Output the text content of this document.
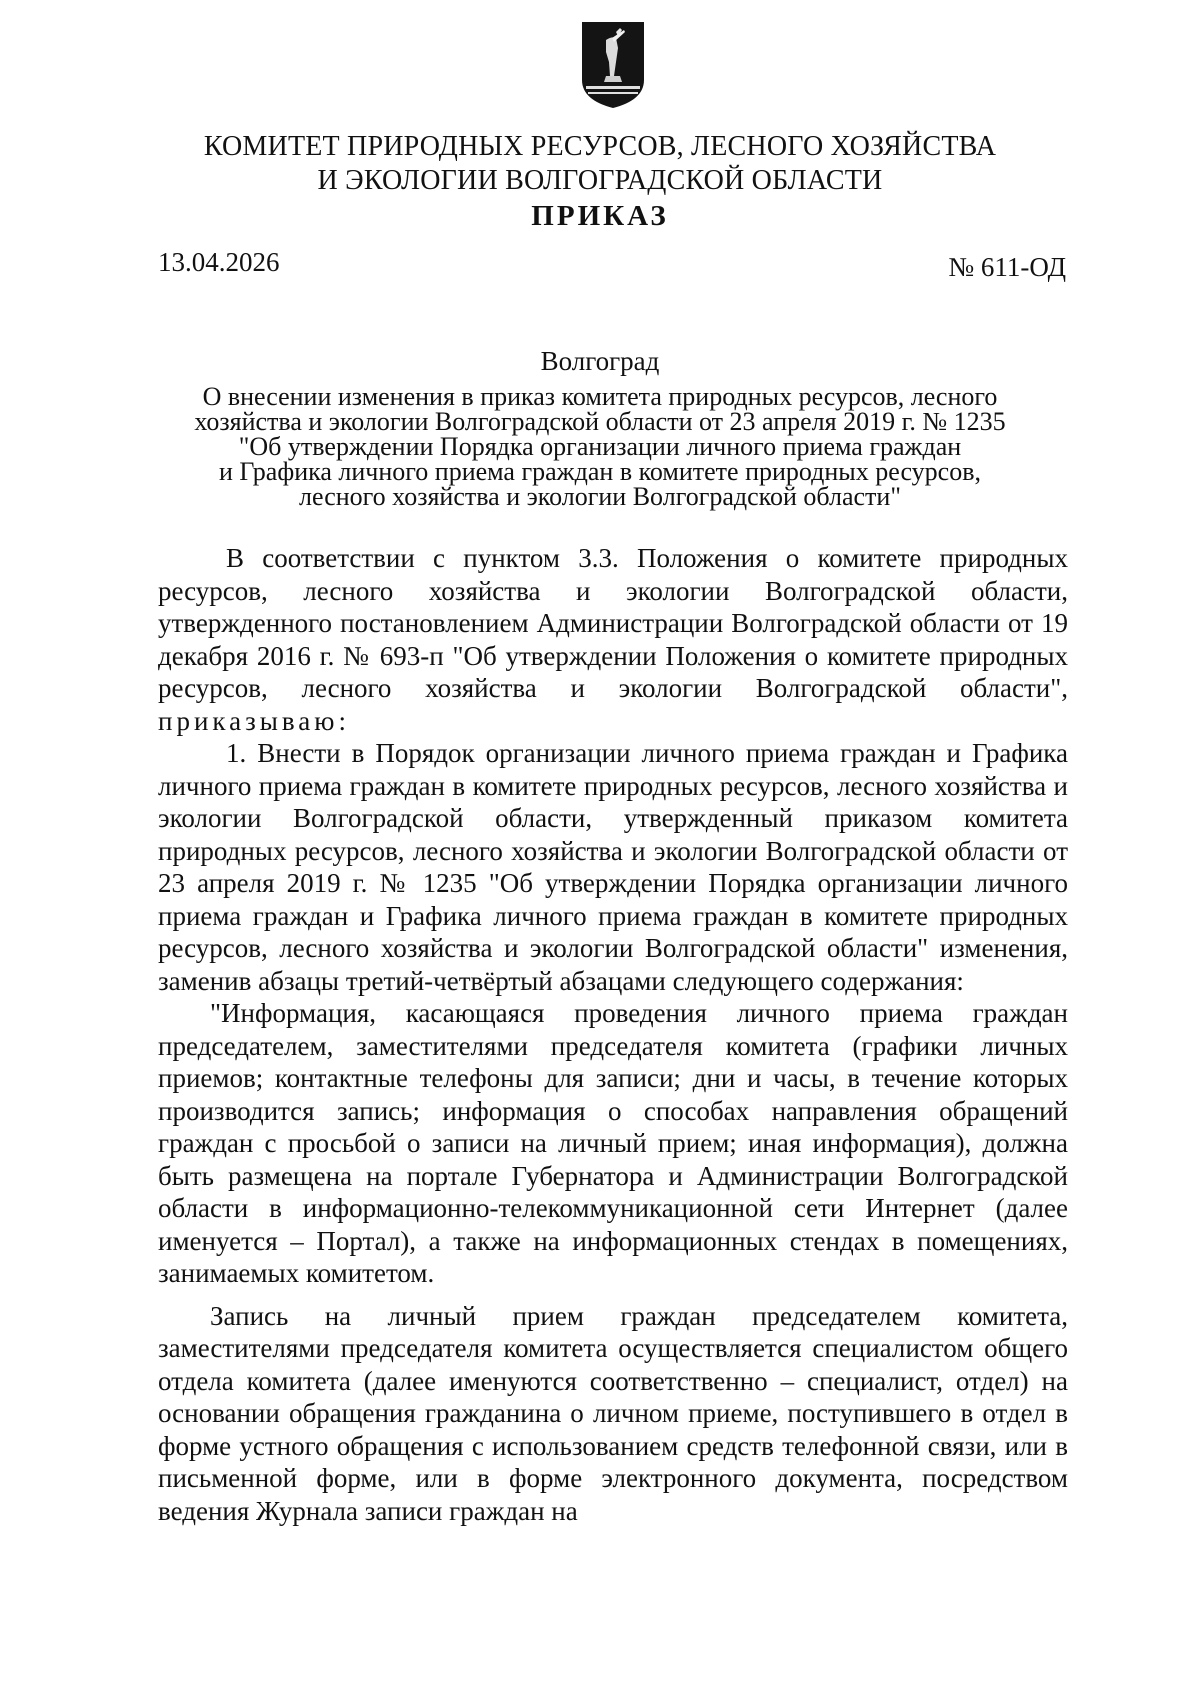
КОМИТЕТ ПРИРОДНЫХ РЕСУРСОВ, ЛЕСНОГО ХОЗЯЙСТВА
И ЭКОЛОГИИ ВОЛГОГРАДСКОЙ ОБЛАСТИ
ПРИКАЗ
13.04.2026	№ 611-ОД
Волгоград
О внесении изменения в приказ комитета природных ресурсов, лесного
хозяйства и экологии Волгоградской области от 23 апреля 2019 г. № 1235
"Об утверждении Порядка организации личного приема граждан
и Графика личного приема граждан в комитете природных ресурсов,
лесного хозяйства и экологии Волгоградской области"

В соответствии с пунктом 3.3. Положения о комитете природных ресурсов, лесного хозяйства и экологии Волгоградской области, утвержденного постановлением Администрации Волгоградской области от 19 декабря 2016 г. № 693-п "Об утверждении Положения о комитете природных ресурсов, лесного хозяйства и экологии Волгоградской области", приказываю:

1. Внести в Порядок организации личного приема граждан и Графика личного приема граждан в комитете природных ресурсов, лесного хозяйства и экологии Волгоградской области, утвержденный приказом комитета природных ресурсов, лесного хозяйства и экологии Волгоградской области от 23 апреля 2019 г. № 1235 "Об утверждении Порядка организации личного приема граждан и Графика личного приема граждан в комитете природных ресурсов, лесного хозяйства и экологии Волгоградской области" изменения, заменив абзацы третий-четвёртый абзацами следующего содержания:

"Информация, касающаяся проведения личного приема граждан председателем, заместителями председателя комитета (графики личных приемов; контактные телефоны для записи; дни и часы, в течение которых производится запись; информация о способах направления обращений граждан с просьбой о записи на личный прием; иная информация), должна быть размещена на портале Губернатора и Администрации Волгоградской области в информационно-телекоммуникационной сети Интернет (далее именуется – Портал), а также на информационных стендах в помещениях, занимаемых комитетом.

Запись на личный прием граждан председателем комитета, заместителями председателя комитета осуществляется специалистом общего отдела комитета (далее именуются соответственно – специалист, отдел) на основании обращения гражданина о личном приеме, поступившего в отдел в форме устного обращения с использованием средств телефонной связи, или в письменной форме, или в форме электронного документа, посредством ведения Журнала записи граждан на
